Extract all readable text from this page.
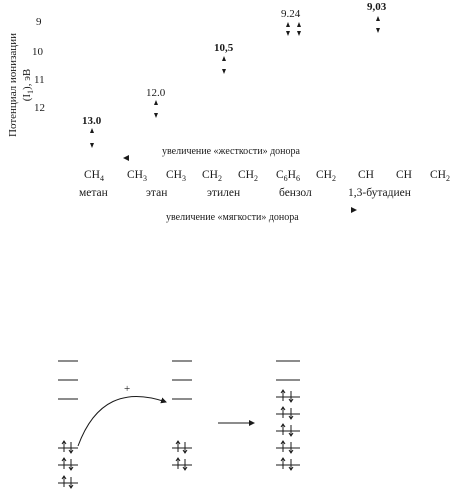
Потенциал ионизации $(I_1)$, эВ
9
10
11
12
13.0
12.0
10,5
9.24
9,03
увеличение «жесткости» донора
$CH_4$ $CH_3$ $CH_3$ $CH_2$ $CH_2$ $C_6H_6$ $CH_2$ CH CH $CH_2$
метан	этан	этилен	бензол	1,3-бутадиен
увеличение «мягкости» донора
+
